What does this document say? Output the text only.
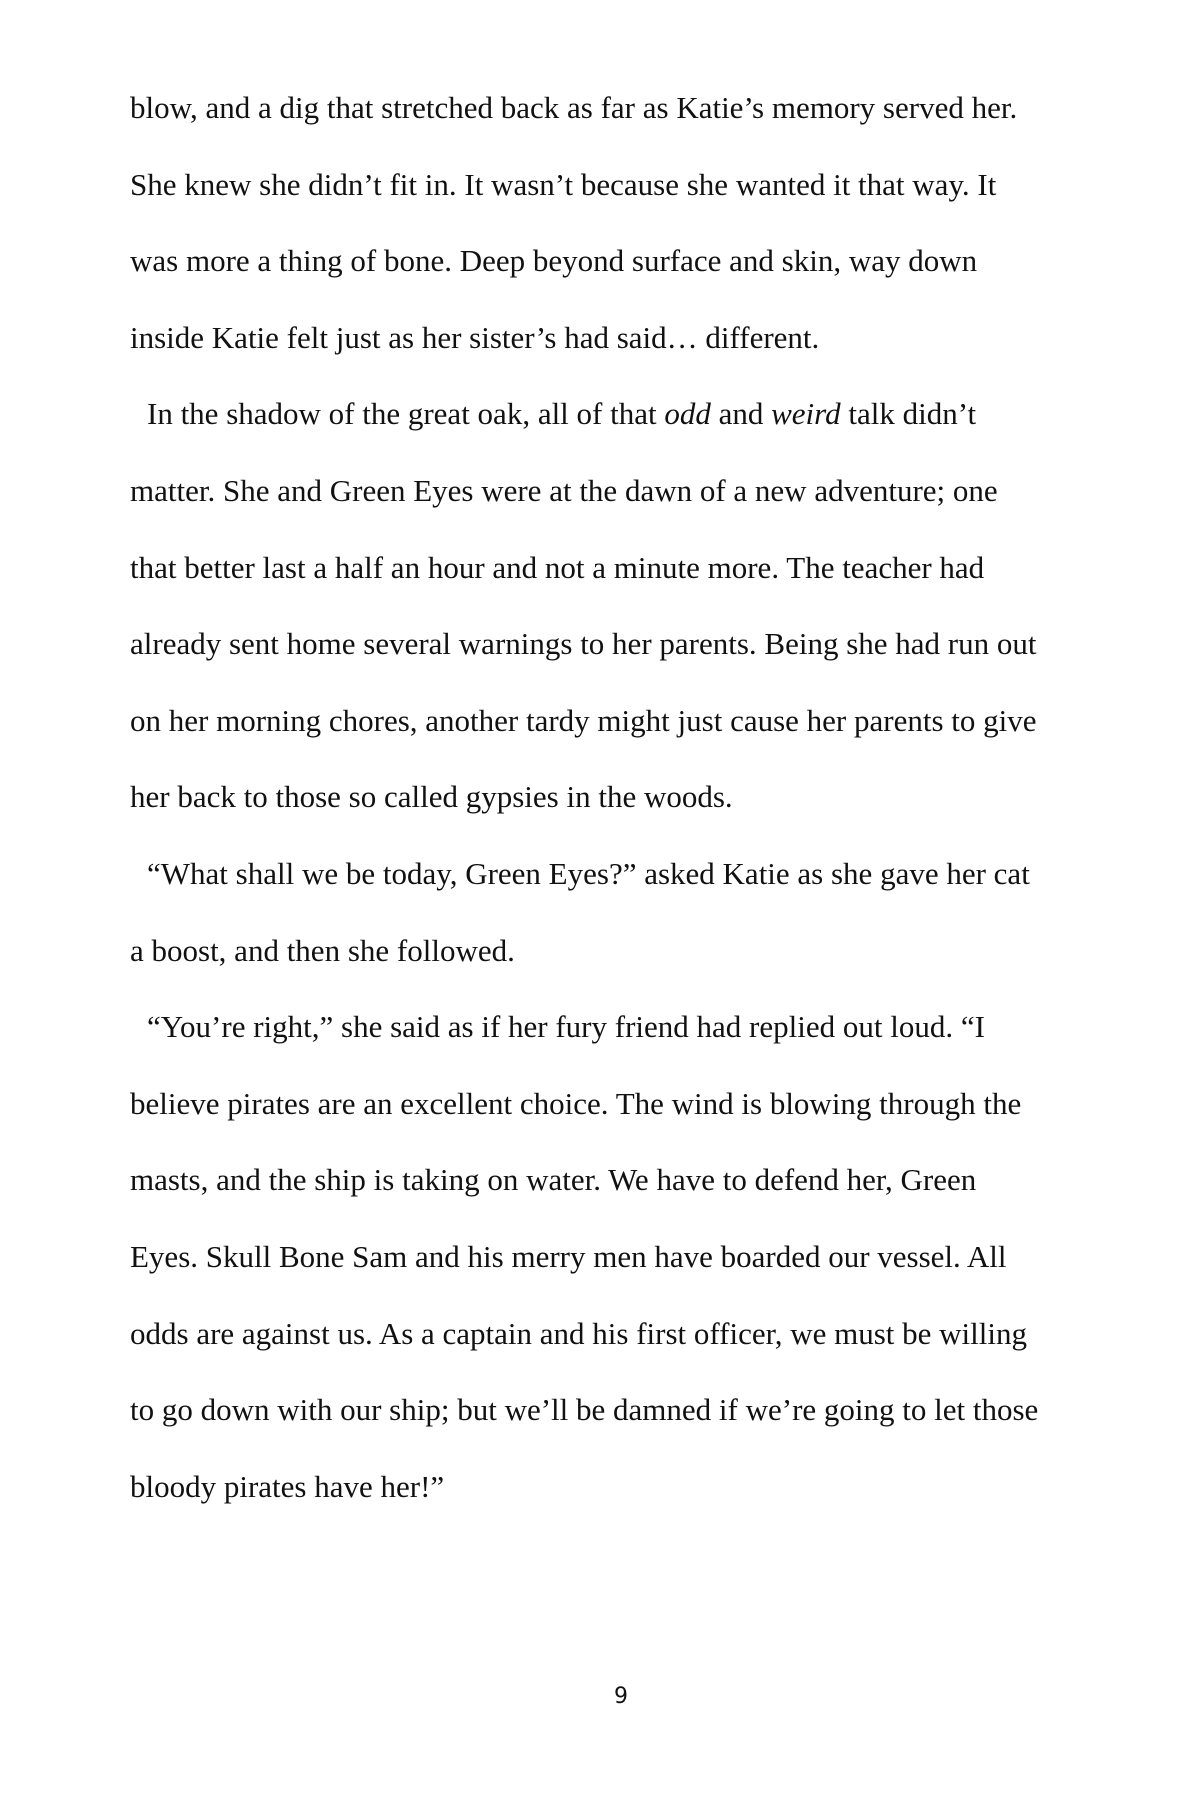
blow, and a dig that stretched back as far as Katie’s memory served her.
She knew she didn’t fit in. It wasn’t because she wanted it that way. It
was more a thing of bone. Deep beyond surface and skin, way down
inside Katie felt just as her sister’s had said… different.
In the shadow of the great oak, all of that odd and weird talk didn’t
matter. She and Green Eyes were at the dawn of a new adventure; one
that better last a half an hour and not a minute more. The teacher had
already sent home several warnings to her parents. Being she had run out
on her morning chores, another tardy might just cause her parents to give
her back to those so called gypsies in the woods.
“What shall we be today, Green Eyes?” asked Katie as she gave her cat
a boost, and then she followed.
“You’re right,” she said as if her fury friend had replied out loud. “I
believe pirates are an excellent choice. The wind is blowing through the
masts, and the ship is taking on water. We have to defend her, Green
Eyes. Skull Bone Sam and his merry men have boarded our vessel. All
odds are against us. As a captain and his first officer, we must be willing
to go down with our ship; but we’ll be damned if we’re going to let those
bloody pirates have her!”
9
